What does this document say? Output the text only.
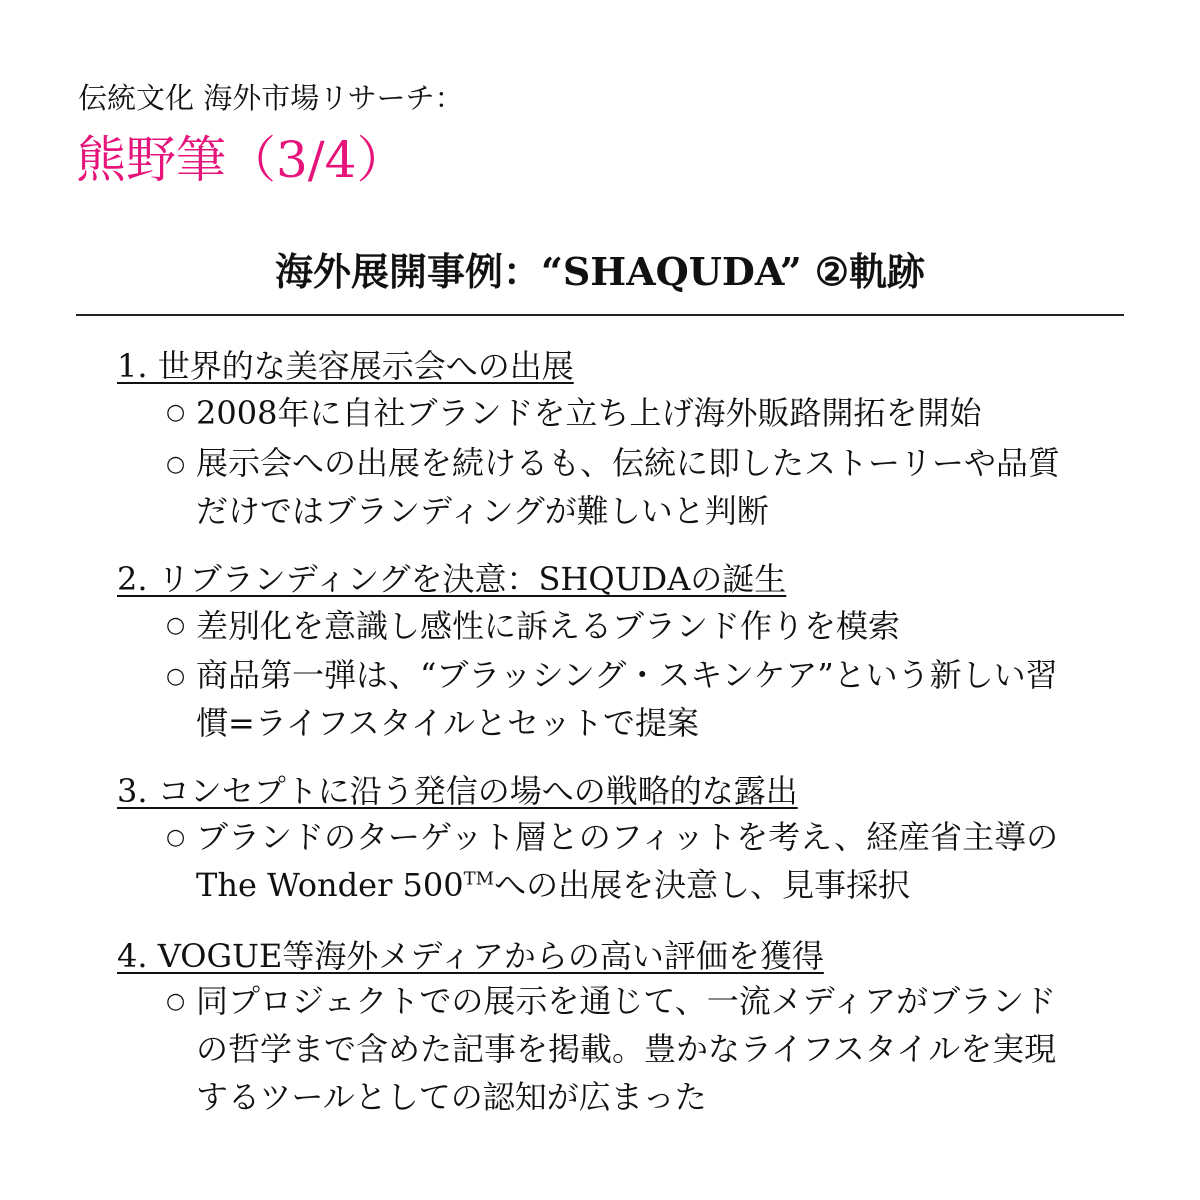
伝統文化 海外市場リサーチ：
熊野筆（3/4）
海外展開事例：“SHAQUDA” ②軌跡
1. 世界的な美容展示会への出展
○ 2008年に自社ブランドを立ち上げ海外販路開拓を開始
○ 展示会への出展を続けるも、伝統に即したストーリーや品質
だけではブランディングが難しいと判断
2. リブランディングを決意：SHQUDAの誕生
○ 差別化を意識し感性に訴えるブランド作りを模索
○ 商品第一弾は、“ブラッシング・スキンケア”という新しい習
慣=ライフスタイルとセットで提案
3. コンセプトに沿う発信の場への戦略的な露出
○ ブランドのターゲット層とのフィットを考え、経産省主導の
The Wonder 500™への出展を決意し、見事採択
4. VOGUE等海外メディアからの高い評価を獲得
○ 同プロジェクトでの展示を通じて、一流メディアがブランド
の哲学まで含めた記事を掲載。豊かなライフスタイルを実現
するツールとしての認知が広まった
